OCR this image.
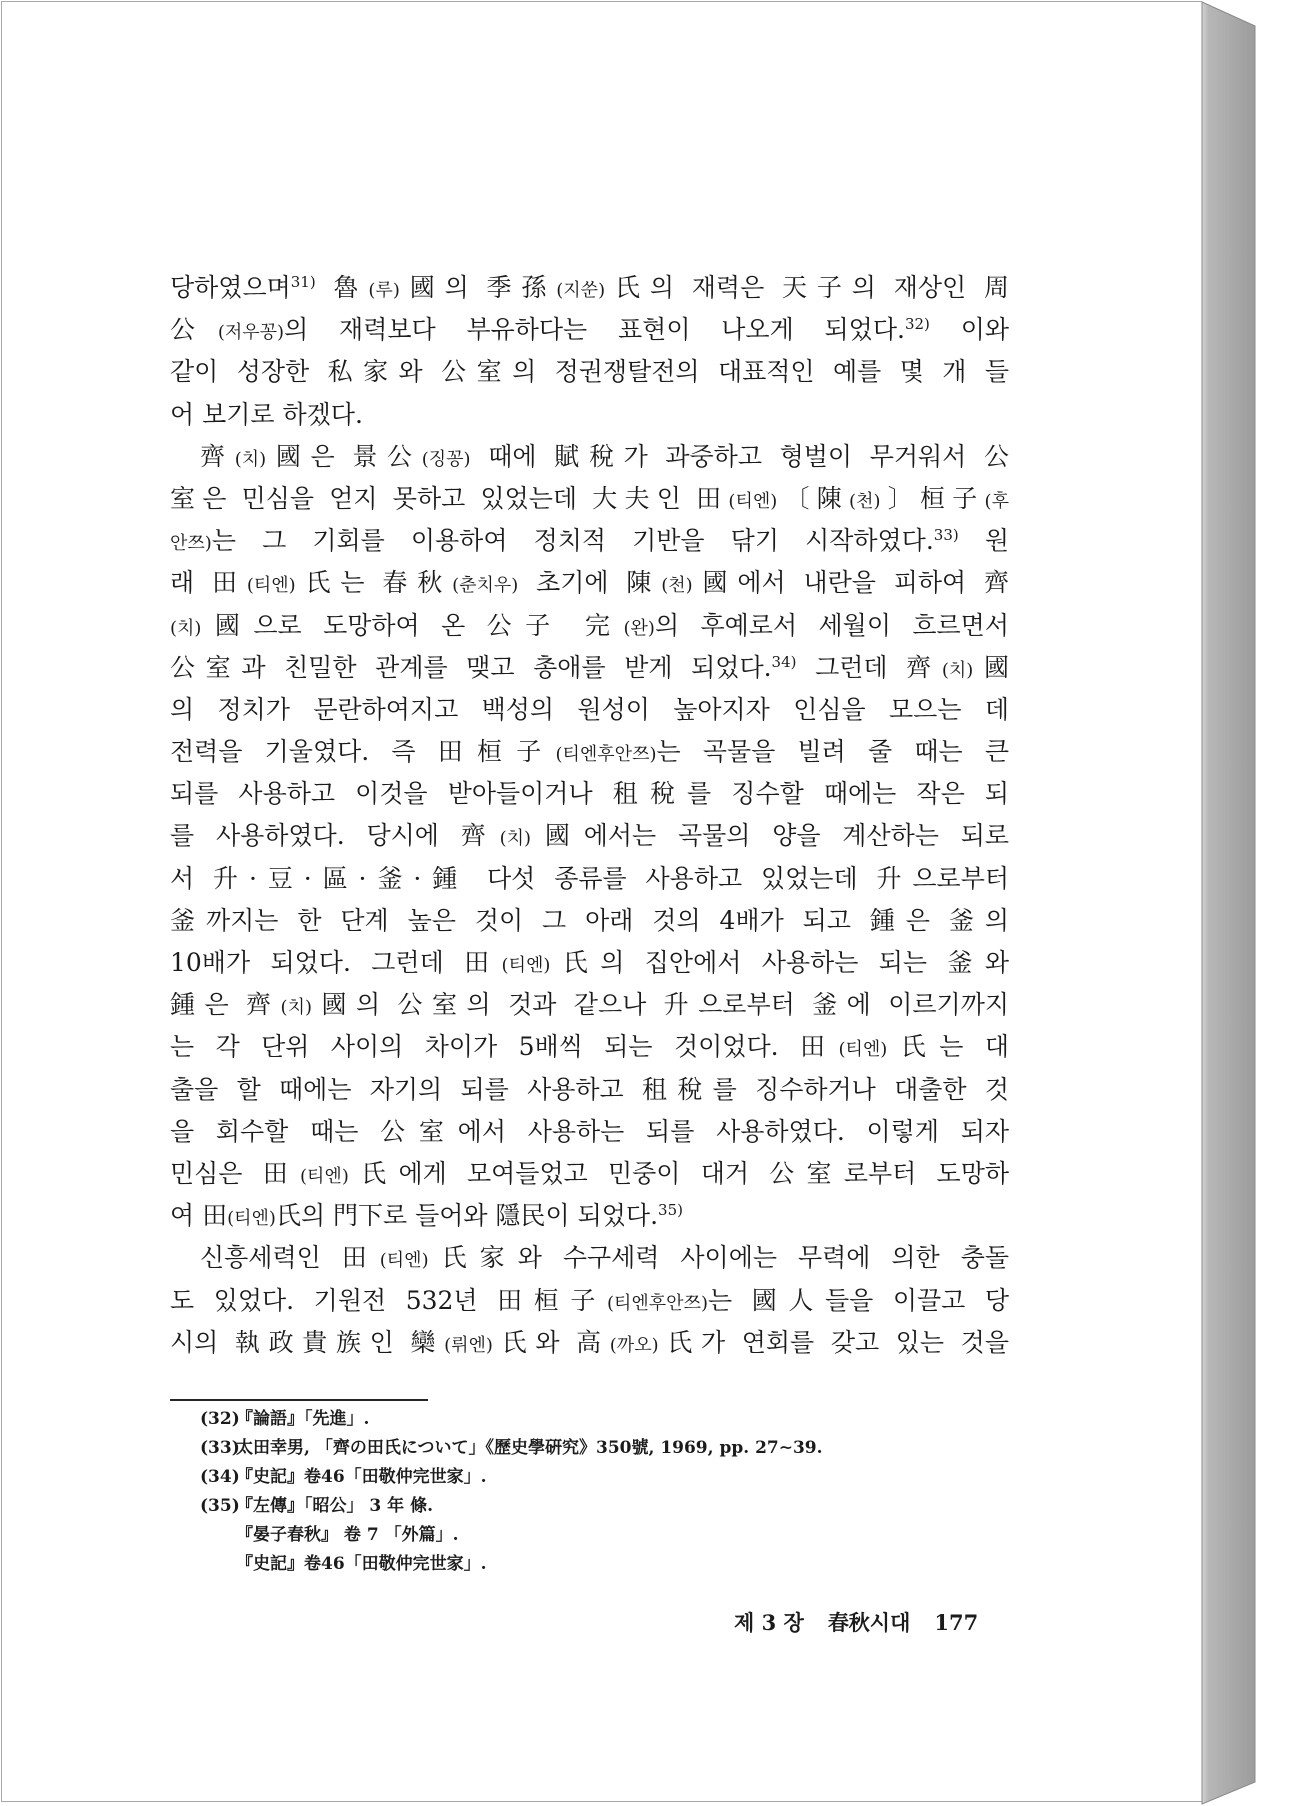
당하였으며$^{31)}$ 魯(루)國의 季孫(지쑨)氏의 재력은 天子의 재상인 周
公(저우꽁)의 재력보다 부유하다는 표현이 나오게 되었다.$^{32)}$ 이와
같이 성장한 私家와 公室의 정권쟁탈전의 대표적인 예를 몇 개 들
어 보기로 하겠다.
齊(치)國은 景公(징꽁) 때에 賦稅가 과중하고 형벌이 무거워서 公
室은 민심을 얻지 못하고 있었는데 大夫인 田(티엔)〔陳(천)〕桓子(후
안쯔)는 그 기회를 이용하여 정치적 기반을 닦기 시작하였다.$^{33)}$ 원
래 田(티엔)氏는 春秋(춘치우) 초기에 陳(천)國에서 내란을 피하여 齊
(치)國으로 도망하여 온 公子 完(완)의 후예로서 세월이 흐르면서
公室과 친밀한 관계를 맺고 총애를 받게 되었다.$^{34)}$ 그런데 齊(치)國
의 정치가 문란하여지고 백성의 원성이 높아지자 인심을 모으는 데
전력을 기울였다. 즉 田桓子(티엔후안쯔)는 곡물을 빌려 줄 때는 큰
되를 사용하고 이것을 받아들이거나 租稅를 징수할 때에는 작은 되
를 사용하였다. 당시에 齊(치)國에서는 곡물의 양을 계산하는 되로
서 升·豆·區·釜·鍾 다섯 종류를 사용하고 있었는데 升으로부터
釜까지는 한 단계 높은 것이 그 아래 것의 4배가 되고 鍾은 釜의
10배가 되었다. 그런데 田(티엔)氏의 집안에서 사용하는 되는 釜와
鍾은 齊(치)國의 公室의 것과 같으나 升으로부터 釜에 이르기까지
는 각 단위 사이의 차이가 5배씩 되는 것이었다. 田(티엔)氏는 대
출을 할 때에는 자기의 되를 사용하고 租稅를 징수하거나 대출한 것
을 회수할 때는 公室에서 사용하는 되를 사용하였다. 이렇게 되자
민심은 田(티엔)氏에게 모여들었고 민중이 대거 公室로부터 도망하
여 田(티엔)氏의 門下로 들어와 隱民이 되었다.$^{35)}$
신흥세력인 田(티엔)氏家와 수구세력 사이에는 무력에 의한 충돌
도 있었다. 기원전 532년 田桓子(티엔후안쯔)는 國人들을 이끌고 당
시의 執政貴族인 欒(뤼엔)氏와 高(까오)氏가 연회를 갖고 있는 것을
(32)『論語』「先進」.
(33)太田幸男, 「齊の田氏について」《歷史學硏究》350號, 1969, pp. 27∼39.
(34)『史記』卷46「田敬仲完世家」.
(35)『左傳』「昭公」 3 年 條.
『晏子春秋』 卷 7 「外篇」.
『史記』卷46「田敬仲完世家」.
제 3 장 春秋시대 177
